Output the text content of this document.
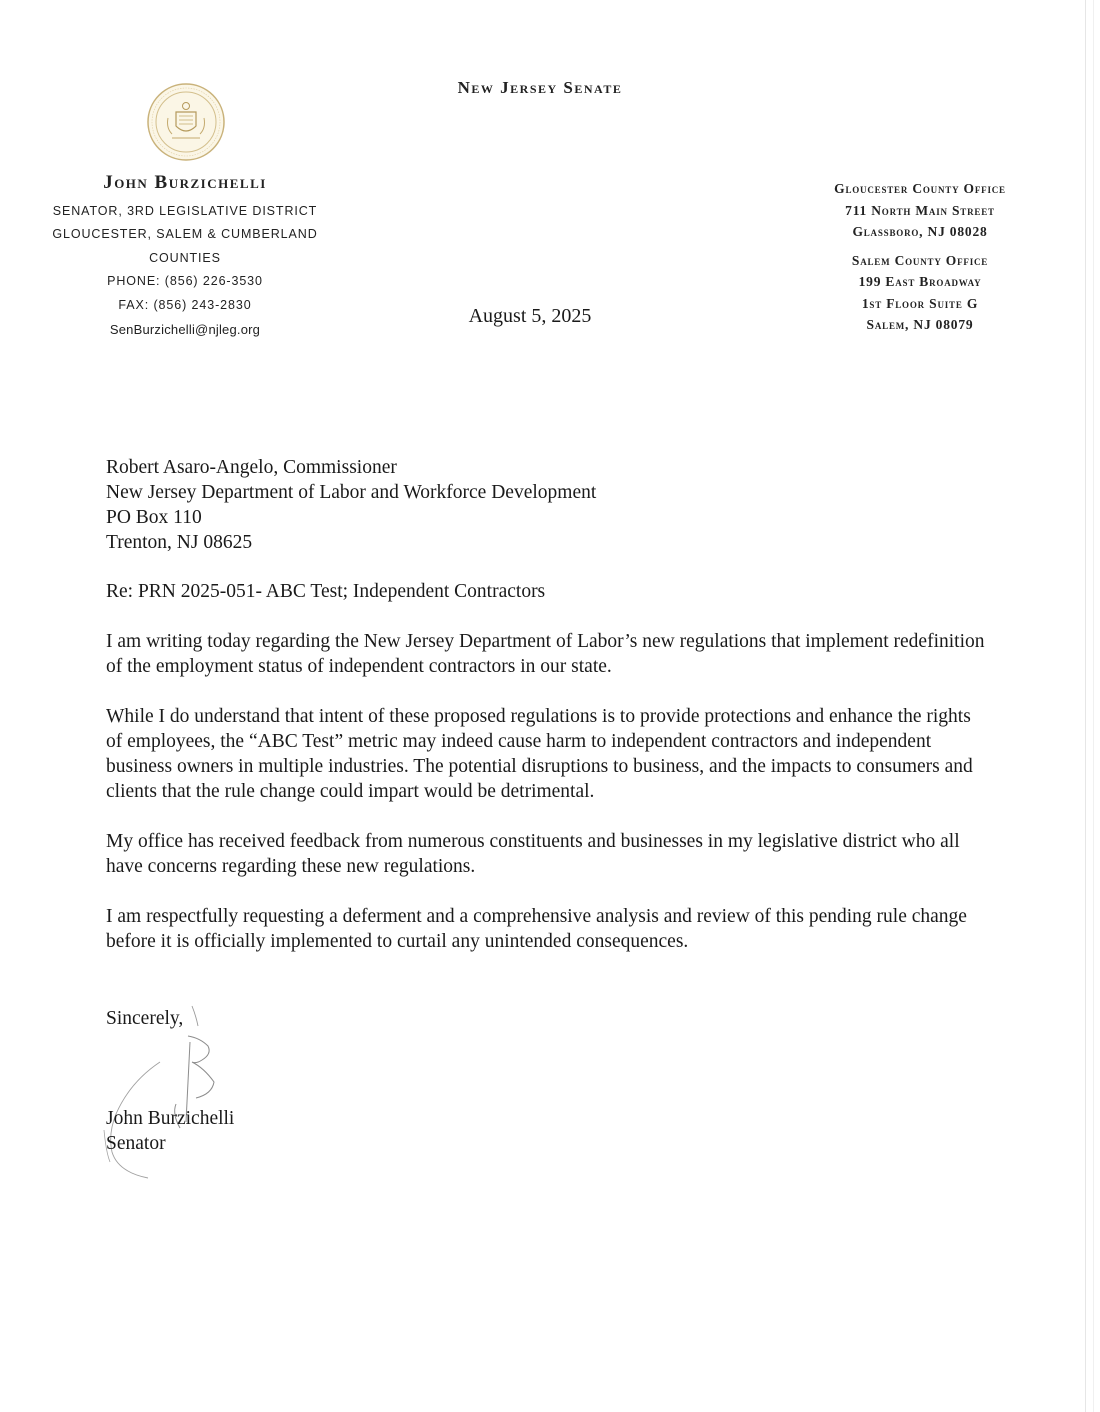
New Jersey Senate
John Burzichelli
SENATOR, 3RD LEGISLATIVE DISTRICT
GLOUCESTER, SALEM & CUMBERLAND
COUNTIES
PHONE: (856) 226-3530
FAX: (856) 243-2830
SenBurzichelli@njleg.org
Gloucester County Office
711 North Main Street
Glassboro, NJ 08028
Salem County Office
199 East Broadway
1st Floor Suite G
Salem, NJ 08079
August 5, 2025

Robert Asaro-Angelo, Commissioner

New Jersey Department of Labor and Workforce Development

PO Box 110

Trenton, NJ 08625

Re: PRN 2025-051- ABC Test; Independent Contractors

I am writing today regarding the New Jersey Department of Labor’s new regulations that implement redefinition of the employment status of independent contractors in our state.

While I do understand that intent of these proposed regulations is to provide protections and enhance the rights of employees, the “ABC Test” metric may indeed cause harm to independent contractors and independent business owners in multiple industries. The potential disruptions to business, and the impacts to consumers and clients that the rule change could impart would be detrimental.

My office has received feedback from numerous constituents and businesses in my legislative district who all have concerns regarding these new regulations.

I am respectfully requesting a deferment and a comprehensive analysis and review of this pending rule change before it is officially implemented to curtail any unintended consequences.

Sincerely,
John Burzichelli
Senator
